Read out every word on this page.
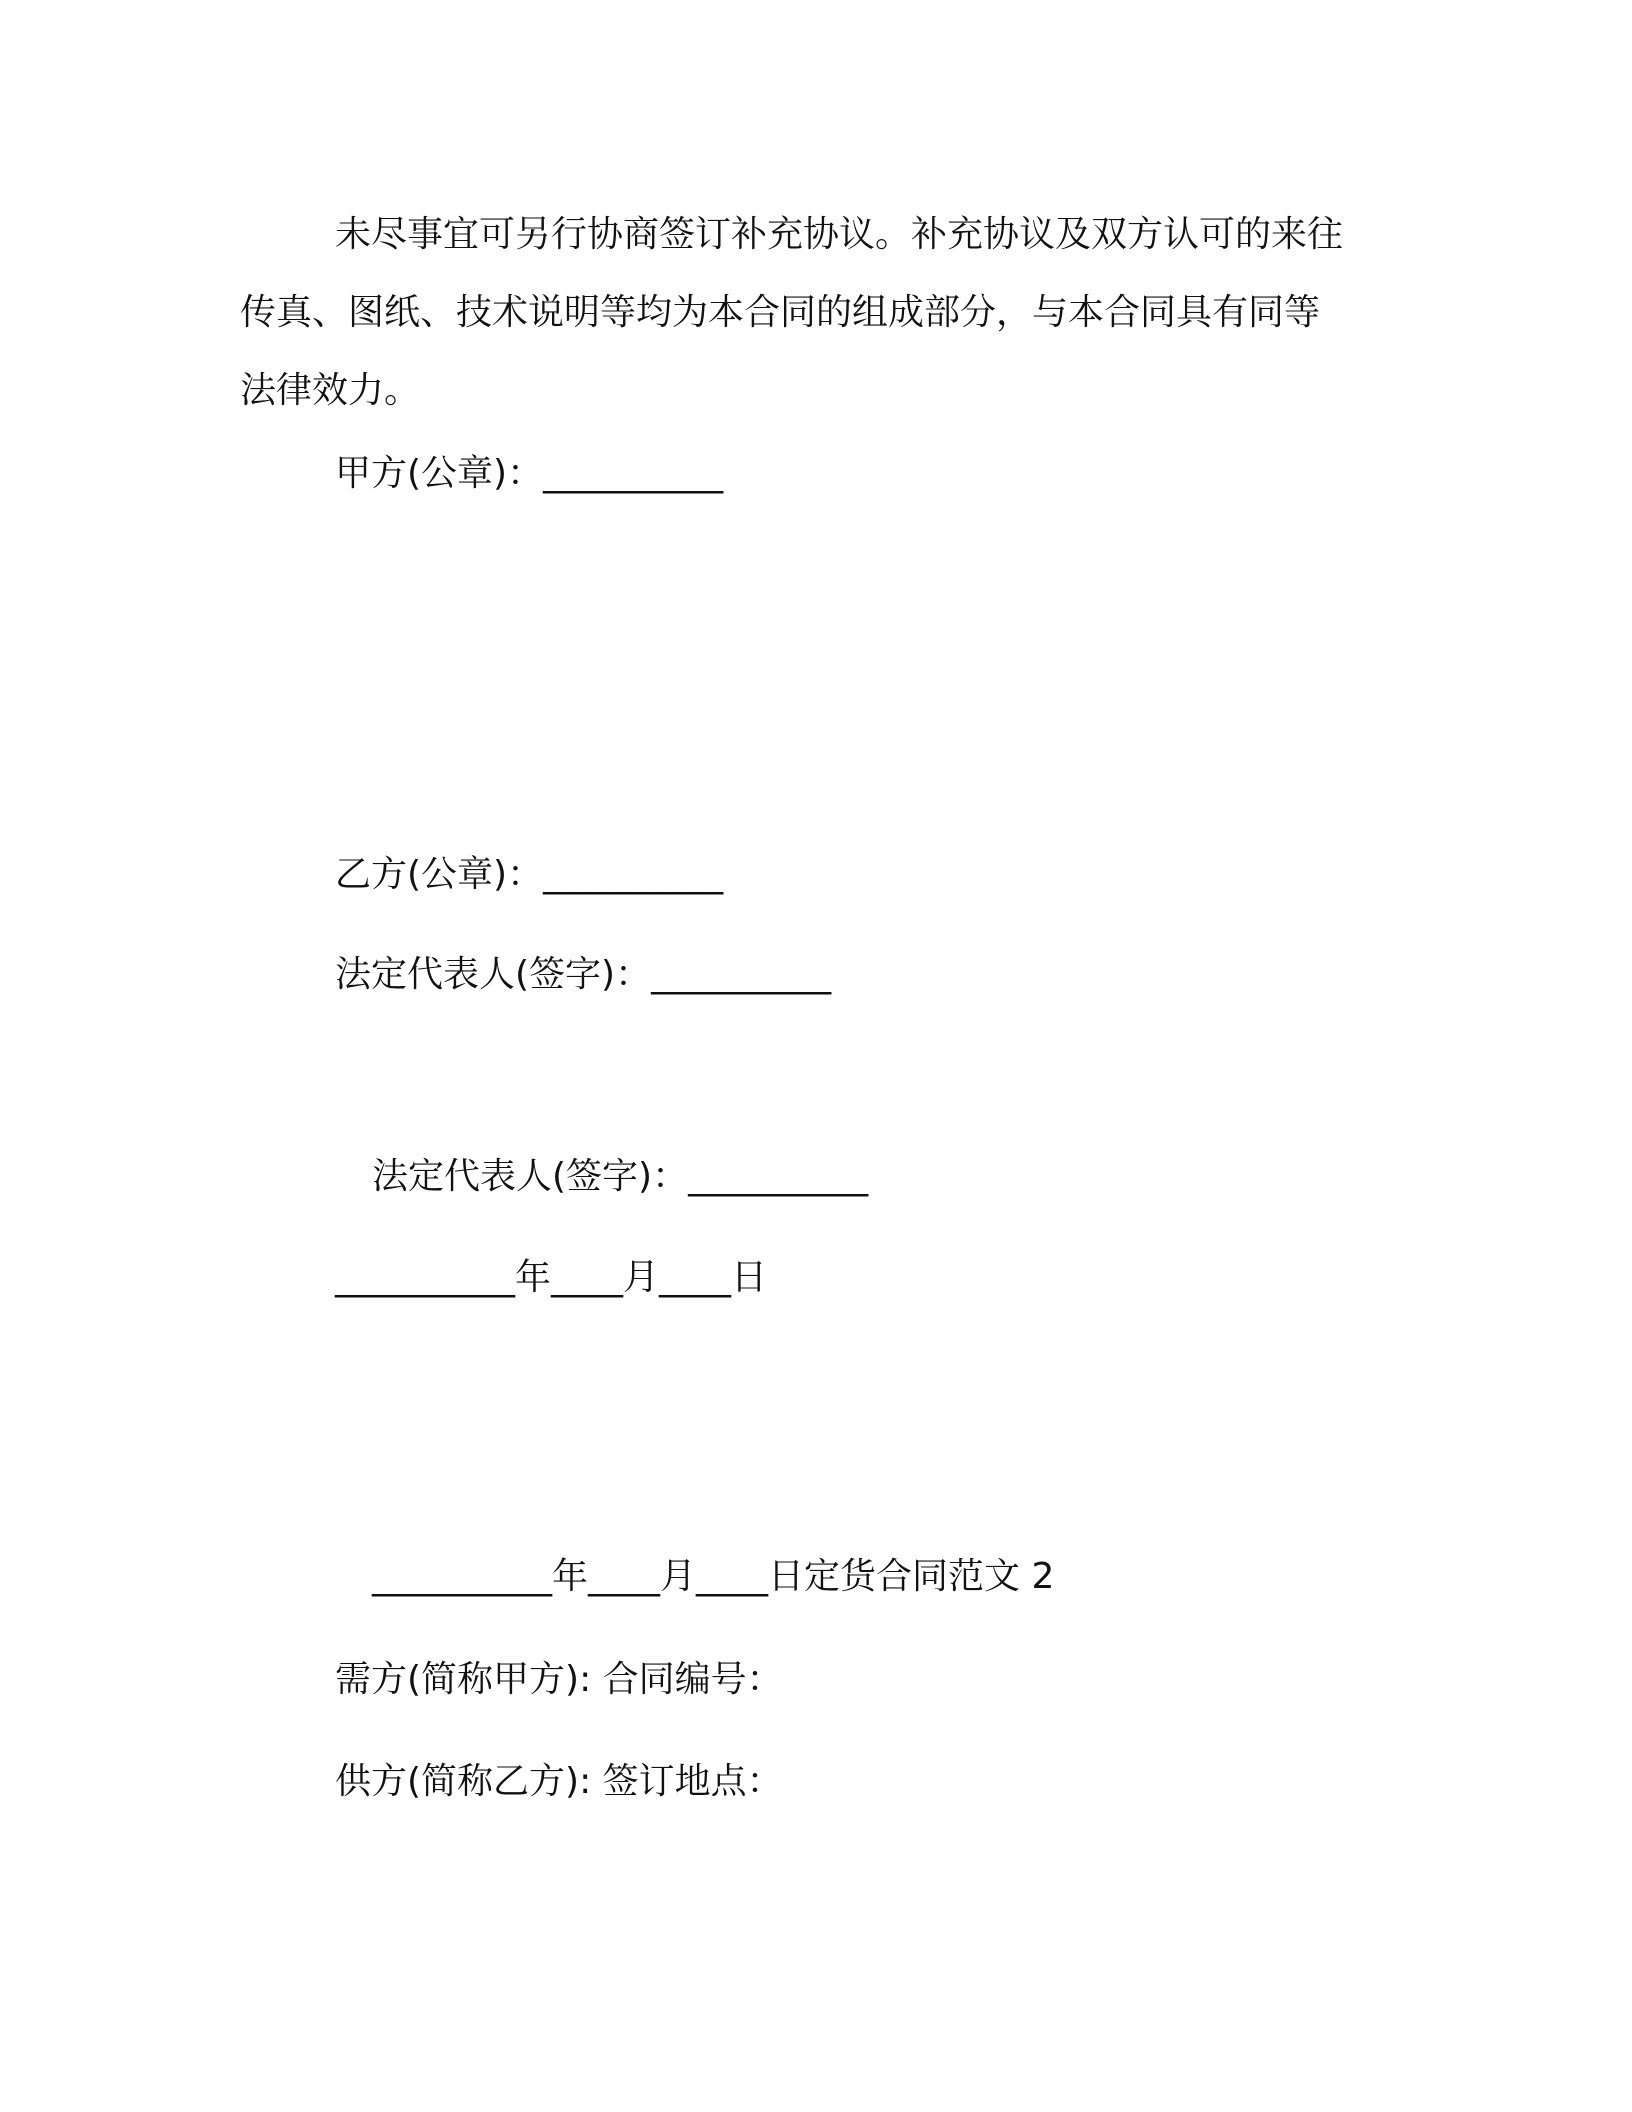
未尽事宜可另行协商签订补充协议。补充协议及双方认可的来往
传真、图纸、技术说明等均为本合同的组成部分，与本合同具有同等
法律效力。
甲方(公章)：__________
乙方(公章)：__________
法定代表人(签字)：__________
法定代表人(签字)：__________
__________年____月____日
__________年____月____日定货合同范文 2
需方(简称甲方): 合同编号：
供方(简称乙方): 签订地点：
